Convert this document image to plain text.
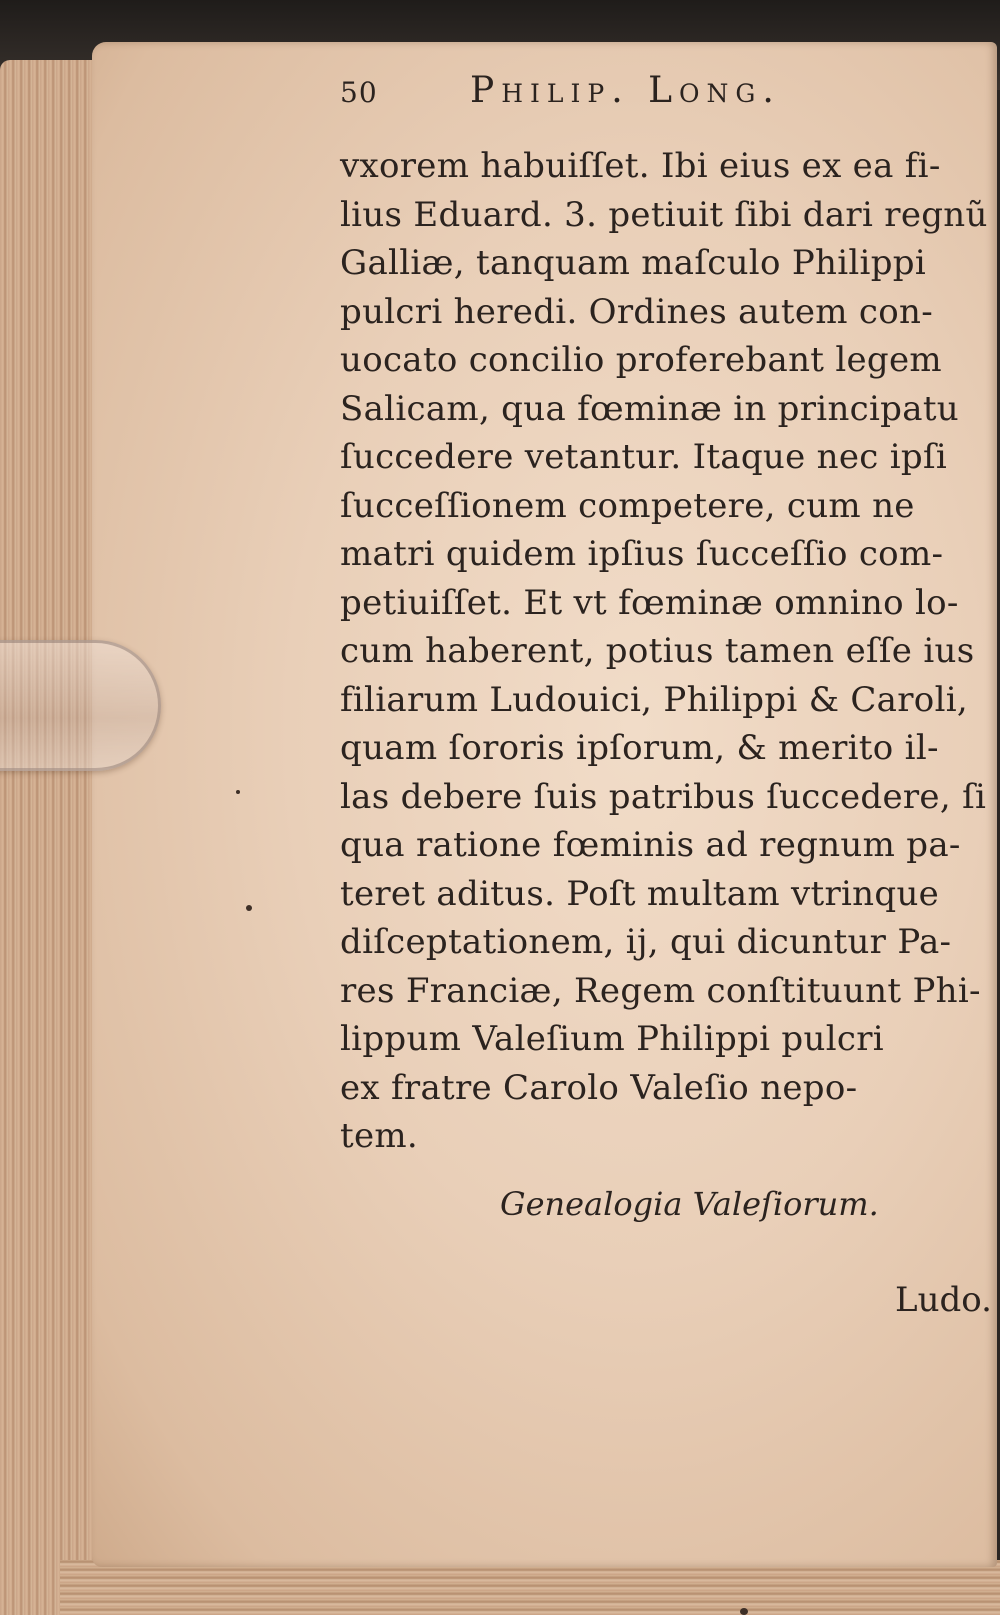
50	Philip. Long.
vxorem habuiſſet. Ibi eius ex ea fi-
lius Eduard. 3. petiuit ſibi dari regnũ
Galliæ, tanquam maſculo Philippi
pulcri heredi. Ordines autem con-
uocato concilio proferebant legem
Salicam, qua fœminæ in principatu
ſuccedere vetantur. Itaque nec ipſi
ſucceſſionem competere, cum ne
matri quidem ipſius ſucceſſio com-
petiuiſſet. Et vt fœminæ omnino lo-
cum haberent, potius tamen eſſe ius
filiarum Ludouici, Philippi & Caroli,
quam ſororis ipſorum, & merito il-
las debere ſuis patribus ſuccedere, ſi
qua ratione fœminis ad regnum pa-
teret aditus. Poſt multam vtrinque
diſceptationem, ij, qui dicuntur Pa-
res Franciæ, Regem conſtituunt Phi-
lippum Valeſium Philippi pulcri
ex fratre Carolo Valeſio nepo-
tem.
Genealogia Valeſiorum.
Ludo.
